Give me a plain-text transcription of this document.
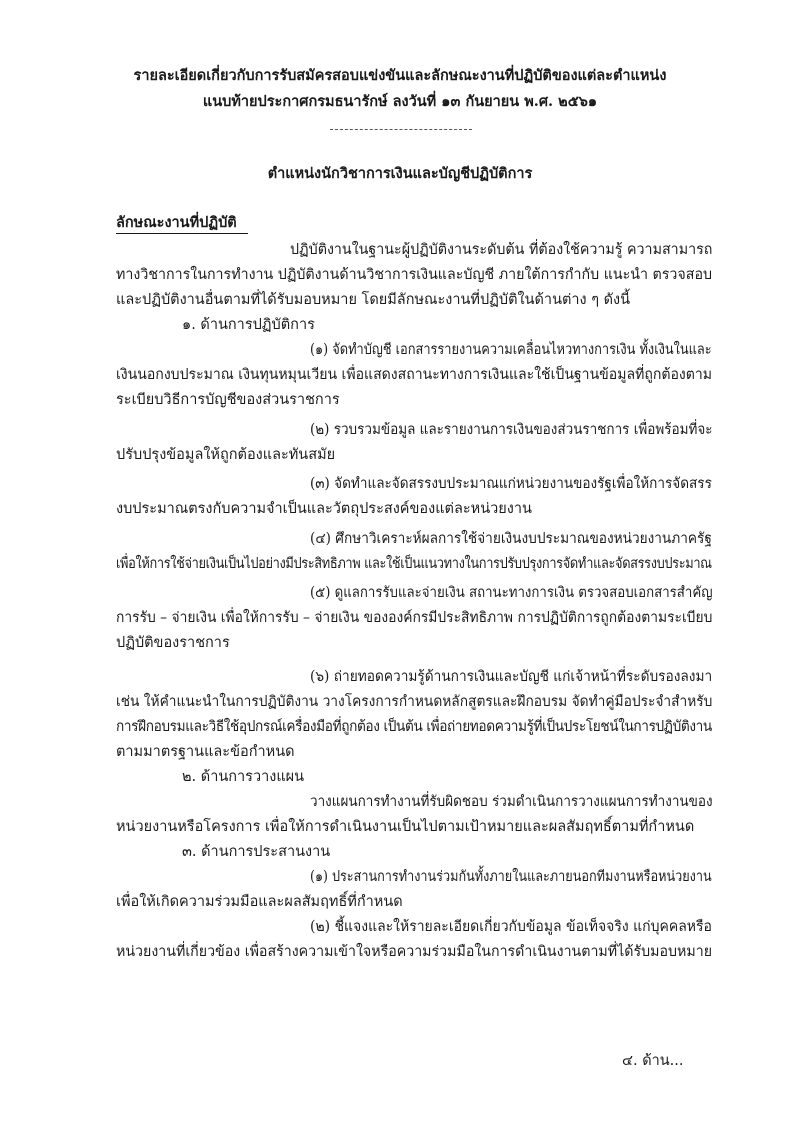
รายละเอียดเกี่ยวกับการรับสมัครสอบแข่งขันและลักษณะงานที่ปฏิบัติของแต่ละตำแหน่ง
แนบท้ายประกาศกรมธนารักษ์ ลงวันที่ ๑๓ กันยายน พ.ศ. ๒๕๖๑
ตำแหน่งนักวิชาการเงินและบัญชีปฏิบัติการ
ลักษณะงานที่ปฏิบัติ
ปฏิบัติงานในฐานะผู้ปฏิบัติงานระดับต้น ที่ต้องใช้ความรู้ ความสามารถ
ทางวิชาการในการทำงาน ปฏิบัติงานด้านวิชาการเงินและบัญชี ภายใต้การกำกับ แนะนำ ตรวจสอบ
และปฏิบัติงานอื่นตามที่ได้รับมอบหมาย โดยมีลักษณะงานที่ปฏิบัติในด้านต่าง ๆ ดังนี้
๑. ด้านการปฏิบัติการ
(๑) จัดทำบัญชี เอกสารรายงานความเคลื่อนไหวทางการเงิน ทั้งเงินในและ
เงินนอกงบประมาณ เงินทุนหมุนเวียน เพื่อแสดงสถานะทางการเงินและใช้เป็นฐานข้อมูลที่ถูกต้องตาม
ระเบียบวิธีการบัญชีของส่วนราชการ
(๒) รวบรวมข้อมูล และรายงานการเงินของส่วนราชการ เพื่อพร้อมที่จะ
ปรับปรุงข้อมูลให้ถูกต้องและทันสมัย
(๓) จัดทำและจัดสรรงบประมาณแก่หน่วยงานของรัฐเพื่อให้การจัดสรร
งบประมาณตรงกับความจำเป็นและวัตถุประสงค์ของแต่ละหน่วยงาน
(๔) ศึกษาวิเคราะห์ผลการใช้จ่ายเงินงบประมาณของหน่วยงานภาครัฐ
เพื่อให้การใช้จ่ายเงินเป็นไปอย่างมีประสิทธิภาพ และใช้เป็นแนวทางในการปรับปรุงการจัดทำและจัดสรรงบประมาณ
(๕) ดูแลการรับและจ่ายเงิน สถานะทางการเงิน ตรวจสอบเอกสารสำคัญ
การรับ – จ่ายเงิน เพื่อให้การรับ – จ่ายเงิน ขององค์กรมีประสิทธิภาพ การปฏิบัติการถูกต้องตามระเบียบ
ปฏิบัติของราชการ
(๖) ถ่ายทอดความรู้ด้านการเงินและบัญชี แก่เจ้าหน้าที่ระดับรองลงมา
เช่น ให้คำแนะนำในการปฏิบัติงาน วางโครงการกำหนดหลักสูตรและฝึกอบรม จัดทำคู่มือประจำสำหรับ
การฝึกอบรมและวิธีใช้อุปกรณ์เครื่องมือที่ถูกต้อง เป็นต้น เพื่อถ่ายทอดความรู้ที่เป็นประโยชน์ในการปฏิบัติงาน
ตามมาตรฐานและข้อกำหนด
๒. ด้านการวางแผน
วางแผนการทำงานที่รับผิดชอบ ร่วมดำเนินการวางแผนการทำงานของ
หน่วยงานหรือโครงการ เพื่อให้การดำเนินงานเป็นไปตามเป้าหมายและผลสัมฤทธิ์ตามที่กำหนด
๓. ด้านการประสานงาน
(๑) ประสานการทำงานร่วมกันทั้งภายในและภายนอกทีมงานหรือหน่วยงาน
เพื่อให้เกิดความร่วมมือและผลสัมฤทธิ์ที่กำหนด
(๒) ชี้แจงและให้รายละเอียดเกี่ยวกับข้อมูล ข้อเท็จจริง แก่บุคคลหรือ
หน่วยงานที่เกี่ยวข้อง เพื่อสร้างความเข้าใจหรือความร่วมมือในการดำเนินงานตามที่ได้รับมอบหมาย
๔. ด้าน...
